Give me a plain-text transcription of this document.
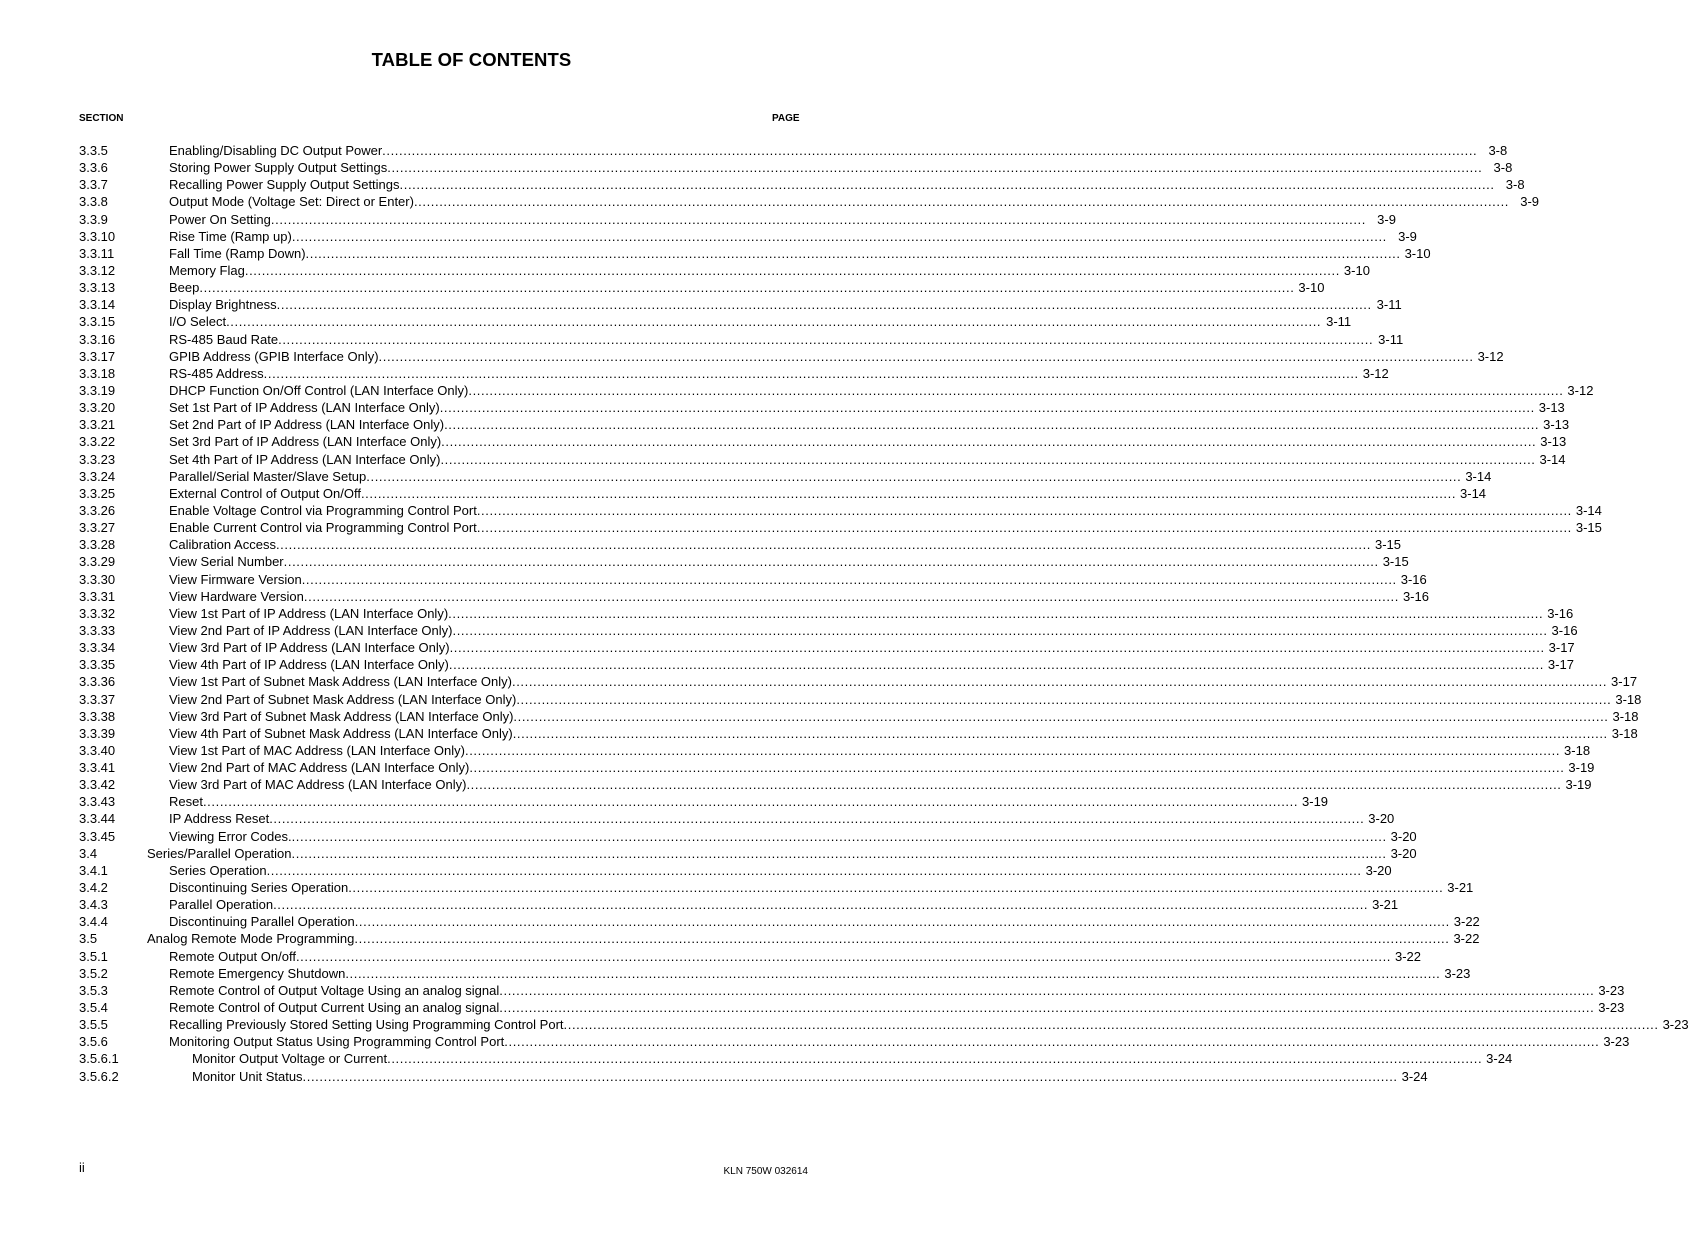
TABLE OF CONTENTS
SECTION	PAGE
3.3.5	Enabling/Disabling DC Output Power .................................................................................................................................................................................................................................................................... 3-8
3.3.6	Storing Power Supply Output Settings .................................................................................................................................................................................................................................................................... 3-8
3.3.7	Recalling Power Supply Output Settings .................................................................................................................................................................................................................................................................... 3-8
3.3.8	Output Mode (Voltage Set: Direct or Enter) .................................................................................................................................................................................................................................................................... 3-9
3.3.9	Power On Setting .................................................................................................................................................................................................................................................................... 3-9
3.3.10	Rise Time (Ramp up) .................................................................................................................................................................................................................................................................... 3-9
3.3.11	Fall Time (Ramp Down) .................................................................................................................................................................................................................................................................... 3-10
3.3.12	Memory Flag .................................................................................................................................................................................................................................................................... 3-10
3.3.13	Beep .................................................................................................................................................................................................................................................................... 3-10
3.3.14	Display Brightness .................................................................................................................................................................................................................................................................... 3-11
3.3.15	I/O Select .................................................................................................................................................................................................................................................................... 3-11
3.3.16	RS-485 Baud Rate .................................................................................................................................................................................................................................................................... 3-11
3.3.17	GPIB Address (GPIB Interface Only) .................................................................................................................................................................................................................................................................... 3-12
3.3.18	RS-485 Address .................................................................................................................................................................................................................................................................... 3-12
3.3.19	DHCP Function On/Off Control (LAN Interface Only) .................................................................................................................................................................................................................................................................... 3-12
3.3.20	Set 1st Part of IP Address (LAN Interface Only) .................................................................................................................................................................................................................................................................... 3-13
3.3.21	Set 2nd Part of IP Address (LAN Interface Only) .................................................................................................................................................................................................................................................................... 3-13
3.3.22	Set 3rd Part of IP Address (LAN Interface Only) .................................................................................................................................................................................................................................................................... 3-13
3.3.23	Set 4th Part of IP Address (LAN Interface Only) .................................................................................................................................................................................................................................................................... 3-14
3.3.24	Parallel/Serial Master/Slave Setup .................................................................................................................................................................................................................................................................... 3-14
3.3.25	External Control of Output On/Off .................................................................................................................................................................................................................................................................... 3-14
3.3.26	Enable Voltage Control via Programming Control Port .................................................................................................................................................................................................................................................................... 3-14
3.3.27	Enable Current Control via Programming Control Port .................................................................................................................................................................................................................................................................... 3-15
3.3.28	Calibration Access .................................................................................................................................................................................................................................................................... 3-15
3.3.29	View Serial Number .................................................................................................................................................................................................................................................................... 3-15
3.3.30	View Firmware Version .................................................................................................................................................................................................................................................................... 3-16
3.3.31	View Hardware Version .................................................................................................................................................................................................................................................................... 3-16
3.3.32	View 1st Part of IP Address (LAN Interface Only) .................................................................................................................................................................................................................................................................... 3-16
3.3.33	View 2nd Part of IP Address (LAN Interface Only) .................................................................................................................................................................................................................................................................... 3-16
3.3.34	View 3rd Part of IP Address (LAN Interface Only) .................................................................................................................................................................................................................................................................... 3-17
3.3.35	View 4th Part of IP Address (LAN Interface Only) .................................................................................................................................................................................................................................................................... 3-17
3.3.36	View 1st Part of Subnet Mask Address (LAN Interface Only) .................................................................................................................................................................................................................................................................... 3-17
3.3.37	View 2nd Part of Subnet Mask Address (LAN Interface Only) .................................................................................................................................................................................................................................................................... 3-18
3.3.38	View 3rd Part of Subnet Mask Address (LAN Interface Only) .................................................................................................................................................................................................................................................................... 3-18
3.3.39	View 4th Part of Subnet Mask Address (LAN Interface Only) .................................................................................................................................................................................................................................................................... 3-18
3.3.40	View 1st Part of MAC Address (LAN Interface Only) .................................................................................................................................................................................................................................................................... 3-18
3.3.41	View 2nd Part of MAC Address (LAN Interface Only) .................................................................................................................................................................................................................................................................... 3-19
3.3.42	View 3rd Part of MAC Address (LAN Interface Only) .................................................................................................................................................................................................................................................................... 3-19
3.3.43	Reset .................................................................................................................................................................................................................................................................... 3-19
3.3.44	IP Address Reset .................................................................................................................................................................................................................................................................... 3-20
3.3.45	Viewing Error Codes. .................................................................................................................................................................................................................................................................... 3-20
3.4	Series/Parallel Operation .................................................................................................................................................................................................................................................................... 3-20
3.4.1	Series Operation .................................................................................................................................................................................................................................................................... 3-20
3.4.2	Discontinuing Series Operation .................................................................................................................................................................................................................................................................... 3-21
3.4.3	Parallel Operation .................................................................................................................................................................................................................................................................... 3-21
3.4.4	Discontinuing Parallel Operation .................................................................................................................................................................................................................................................................... 3-22
3.5	Analog Remote Mode Programming .................................................................................................................................................................................................................................................................... 3-22
3.5.1	Remote Output On/off .................................................................................................................................................................................................................................................................... 3-22
3.5.2	Remote Emergency Shutdown .................................................................................................................................................................................................................................................................... 3-23
3.5.3	Remote Control of Output Voltage Using an analog signal .................................................................................................................................................................................................................................................................... 3-23
3.5.4	Remote Control of Output Current Using an analog signal .................................................................................................................................................................................................................................................................... 3-23
3.5.5	Recalling Previously Stored Setting Using Programming Control Port .................................................................................................................................................................................................................................................................... 3-23
3.5.6	Monitoring Output Status Using Programming Control Port .................................................................................................................................................................................................................................................................... 3-23
3.5.6.1	Monitor Output Voltage or Current .................................................................................................................................................................................................................................................................... 3-24
3.5.6.2	Monitor Unit Status .................................................................................................................................................................................................................................................................... 3-24
ii	KLN 750W 032614
